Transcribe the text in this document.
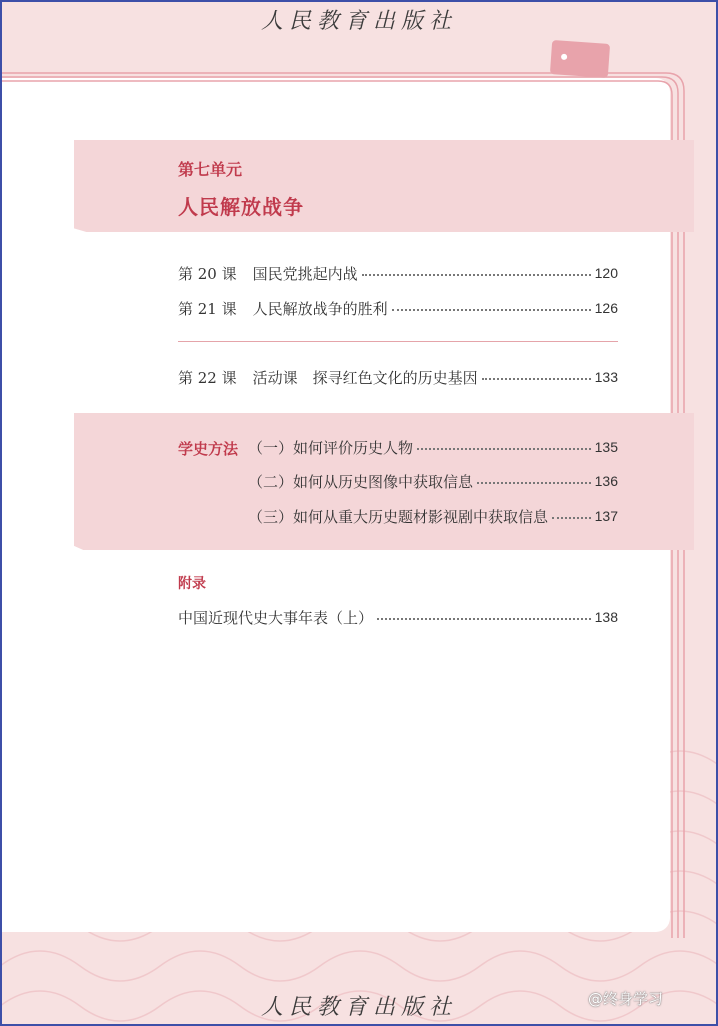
人民教育出版社
第七单元
人民解放战争
第 20 课 国民党挑起内战	120
第 21 课 人民解放战争的胜利	126
第 22 课 活动课　探寻红色文化的历史基因	133
学史方法 （一）如何评价历史人物	135
（二）如何从历史图像中获取信息	136
（三）如何从重大历史题材影视剧中获取信息	137
附录
中国近现代史大事年表（上）	138
人民教育出版社	@终身学习
